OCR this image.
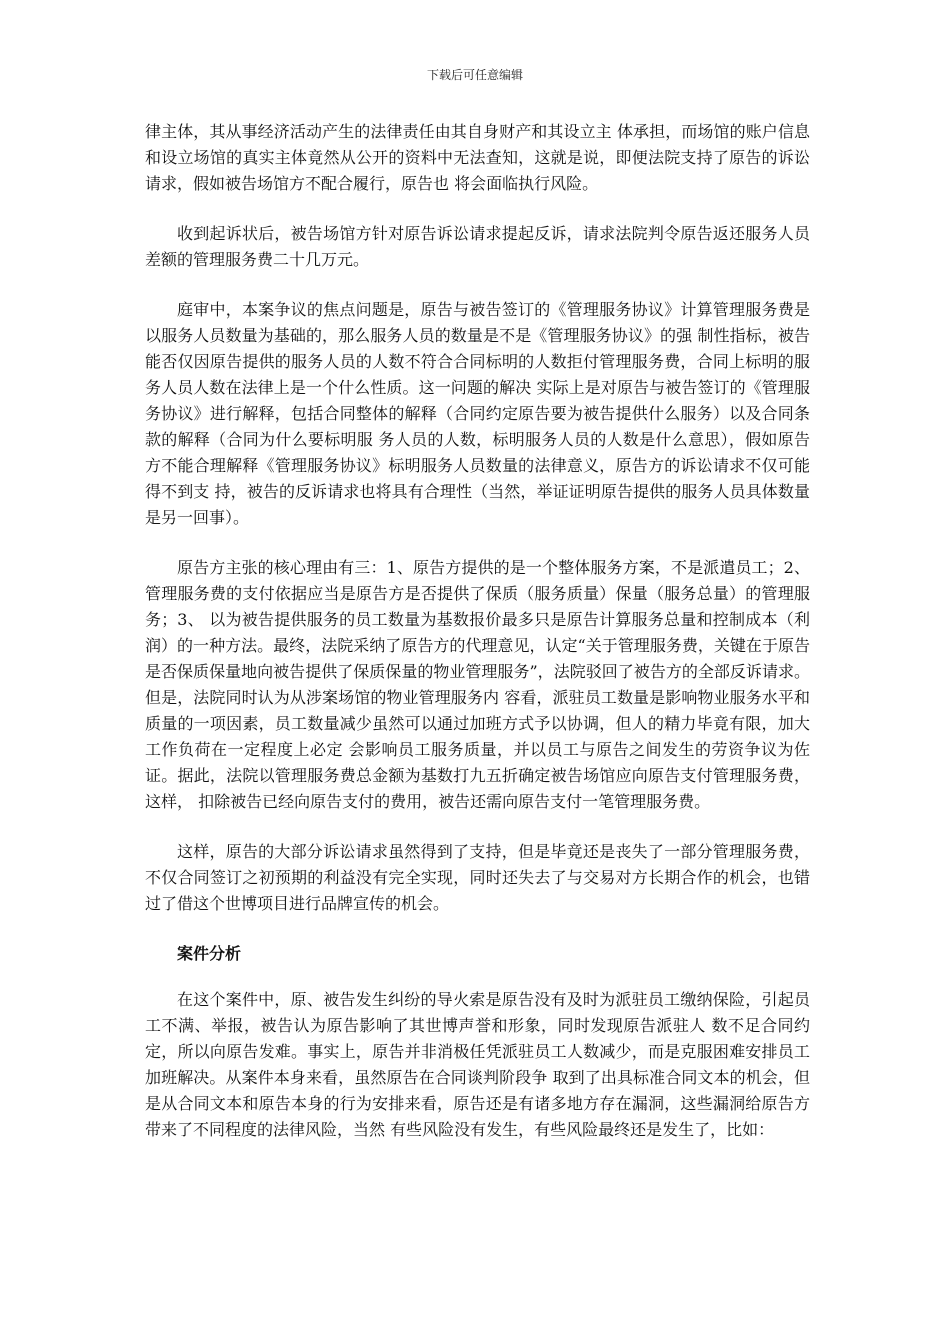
下载后可任意编辑

律主体，其从事经济活动产生的法律责任由其自身财产和其设立主 体承担，而场馆的账户信息和设立场馆的真实主体竟然从公开的资料中无法查知，这就是说，即便法院支持了原告的诉讼请求，假如被告场馆方不配合履行，原告也 将会面临执行风险。

收到起诉状后，被告场馆方针对原告诉讼请求提起反诉，请求法院判令原告返还服务人员差额的管理服务费二十几万元。

庭审中，本案争议的焦点问题是，原告与被告签订的《管理服务协议》计算管理服务费是以服务人员数量为基础的，那么服务人员的数量是不是《管理服务协议》的强 制性指标，被告能否仅因原告提供的服务人员的人数不符合合同标明的人数拒付管理服务费，合同上标明的服务人员人数在法律上是一个什么性质。这一问题的解决 实际上是对原告与被告签订的《管理服务协议》进行解释，包括合同整体的解释（合同约定原告要为被告提供什么服务）以及合同条款的解释（合同为什么要标明服 务人员的人数，标明服务人员的人数是什么意思），假如原告方不能合理解释《管理服务协议》标明服务人员数量的法律意义，原告方的诉讼请求不仅可能得不到支 持，被告的反诉请求也将具有合理性（当然，举证证明原告提供的服务人员具体数量是另一回事）。

原告方主张的核心理由有三：1、原告方提供的是一个整体服务方案，不是派遣员工；2、管理服务费的支付依据应当是原告方是否提供了保质（服务质量）保量（服务总量）的管理服务；3、 以为被告提供服务的员工数量为基数报价最多只是原告计算服务总量和控制成本（利润）的一种方法。最终，法院采纳了原告方的代理意见，认定“关于管理服务费，关键在于原告是否保质保量地向被告提供了保质保量的物业管理服务”，法院驳回了被告方的全部反诉请求。但是，法院同时认为从涉案场馆的物业管理服务内 容看，派驻员工数量是影响物业服务水平和质量的一项因素，员工数量减少虽然可以通过加班方式予以协调，但人的精力毕竟有限，加大工作负荷在一定程度上必定 会影响员工服务质量，并以员工与原告之间发生的劳资争议为佐证。据此，法院以管理服务费总金额为基数打九五折确定被告场馆应向原告支付管理服务费，这样， 扣除被告已经向原告支付的费用，被告还需向原告支付一笔管理服务费。

这样，原告的大部分诉讼请求虽然得到了支持，但是毕竟还是丧失了一部分管理服务费，不仅合同签订之初预期的利益没有完全实现，同时还失去了与交易对方长期合作的机会，也错过了借这个世博项目进行品牌宣传的机会。

案件分析

在这个案件中，原、被告发生纠纷的导火索是原告没有及时为派驻员工缴纳保险，引起员工不满、举报，被告认为原告影响了其世博声誉和形象，同时发现原告派驻人 数不足合同约定，所以向原告发难。事实上，原告并非消极任凭派驻员工人数减少，而是克服困难安排员工加班解决。从案件本身来看，虽然原告在合同谈判阶段争 取到了出具标准合同文本的机会，但是从合同文本和原告本身的行为安排来看，原告还是有诸多地方存在漏洞，这些漏洞给原告方带来了不同程度的法律风险，当然 有些风险没有发生，有些风险最终还是发生了，比如：
